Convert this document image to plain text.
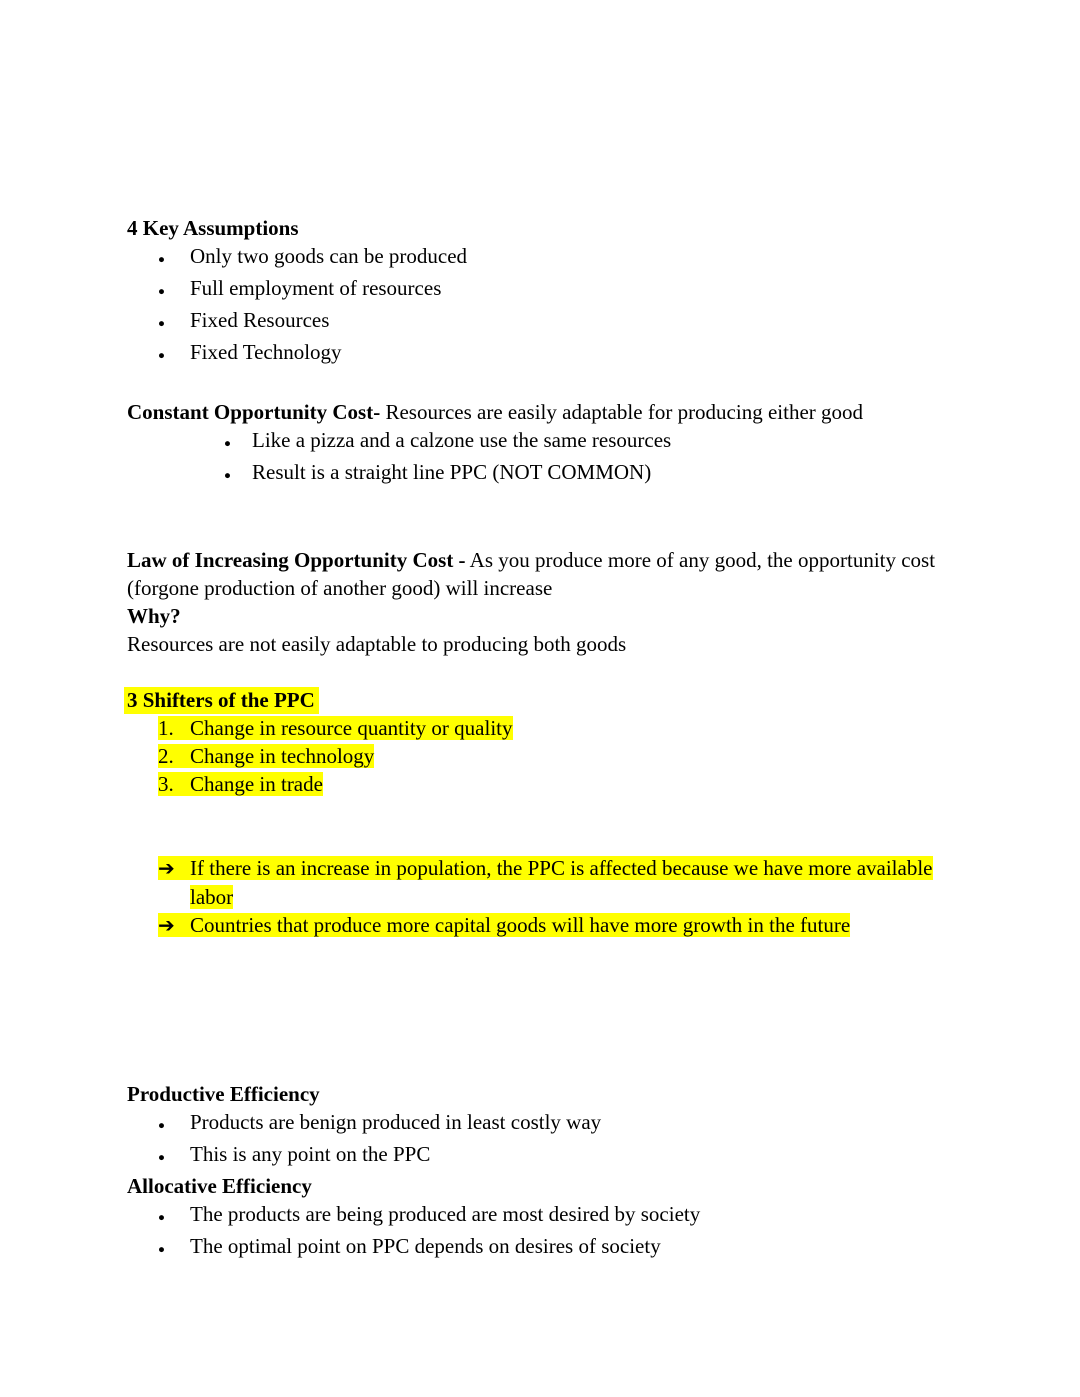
4 Key Assumptions
● Only two goods can be produced
● Full employment of resources
● Fixed Resources
● Fixed Technology
Constant Opportunity Cost- Resources are easily adaptable for producing either good
● Like a pizza and a calzone use the same resources
● Result is a straight line PPC (NOT COMMON)
Law of Increasing Opportunity Cost - As you produce more of any good, the opportunity cost (forgone production of another good) will increase
Why?
Resources are not easily adaptable to producing both goods
3 Shifters of the PPC
1. Change in resource quantity or quality
2. Change in technology
3. Change in trade
➔ If there is an increase in population, the PPC is affected because we have more available labor
➔ Countries that produce more capital goods will have more growth in the future
Productive Efficiency
● Products are benign produced in least costly way
● This is any point on the PPC
Allocative Efficiency
● The products are being produced are most desired by society
● The optimal point on PPC depends on desires of society
